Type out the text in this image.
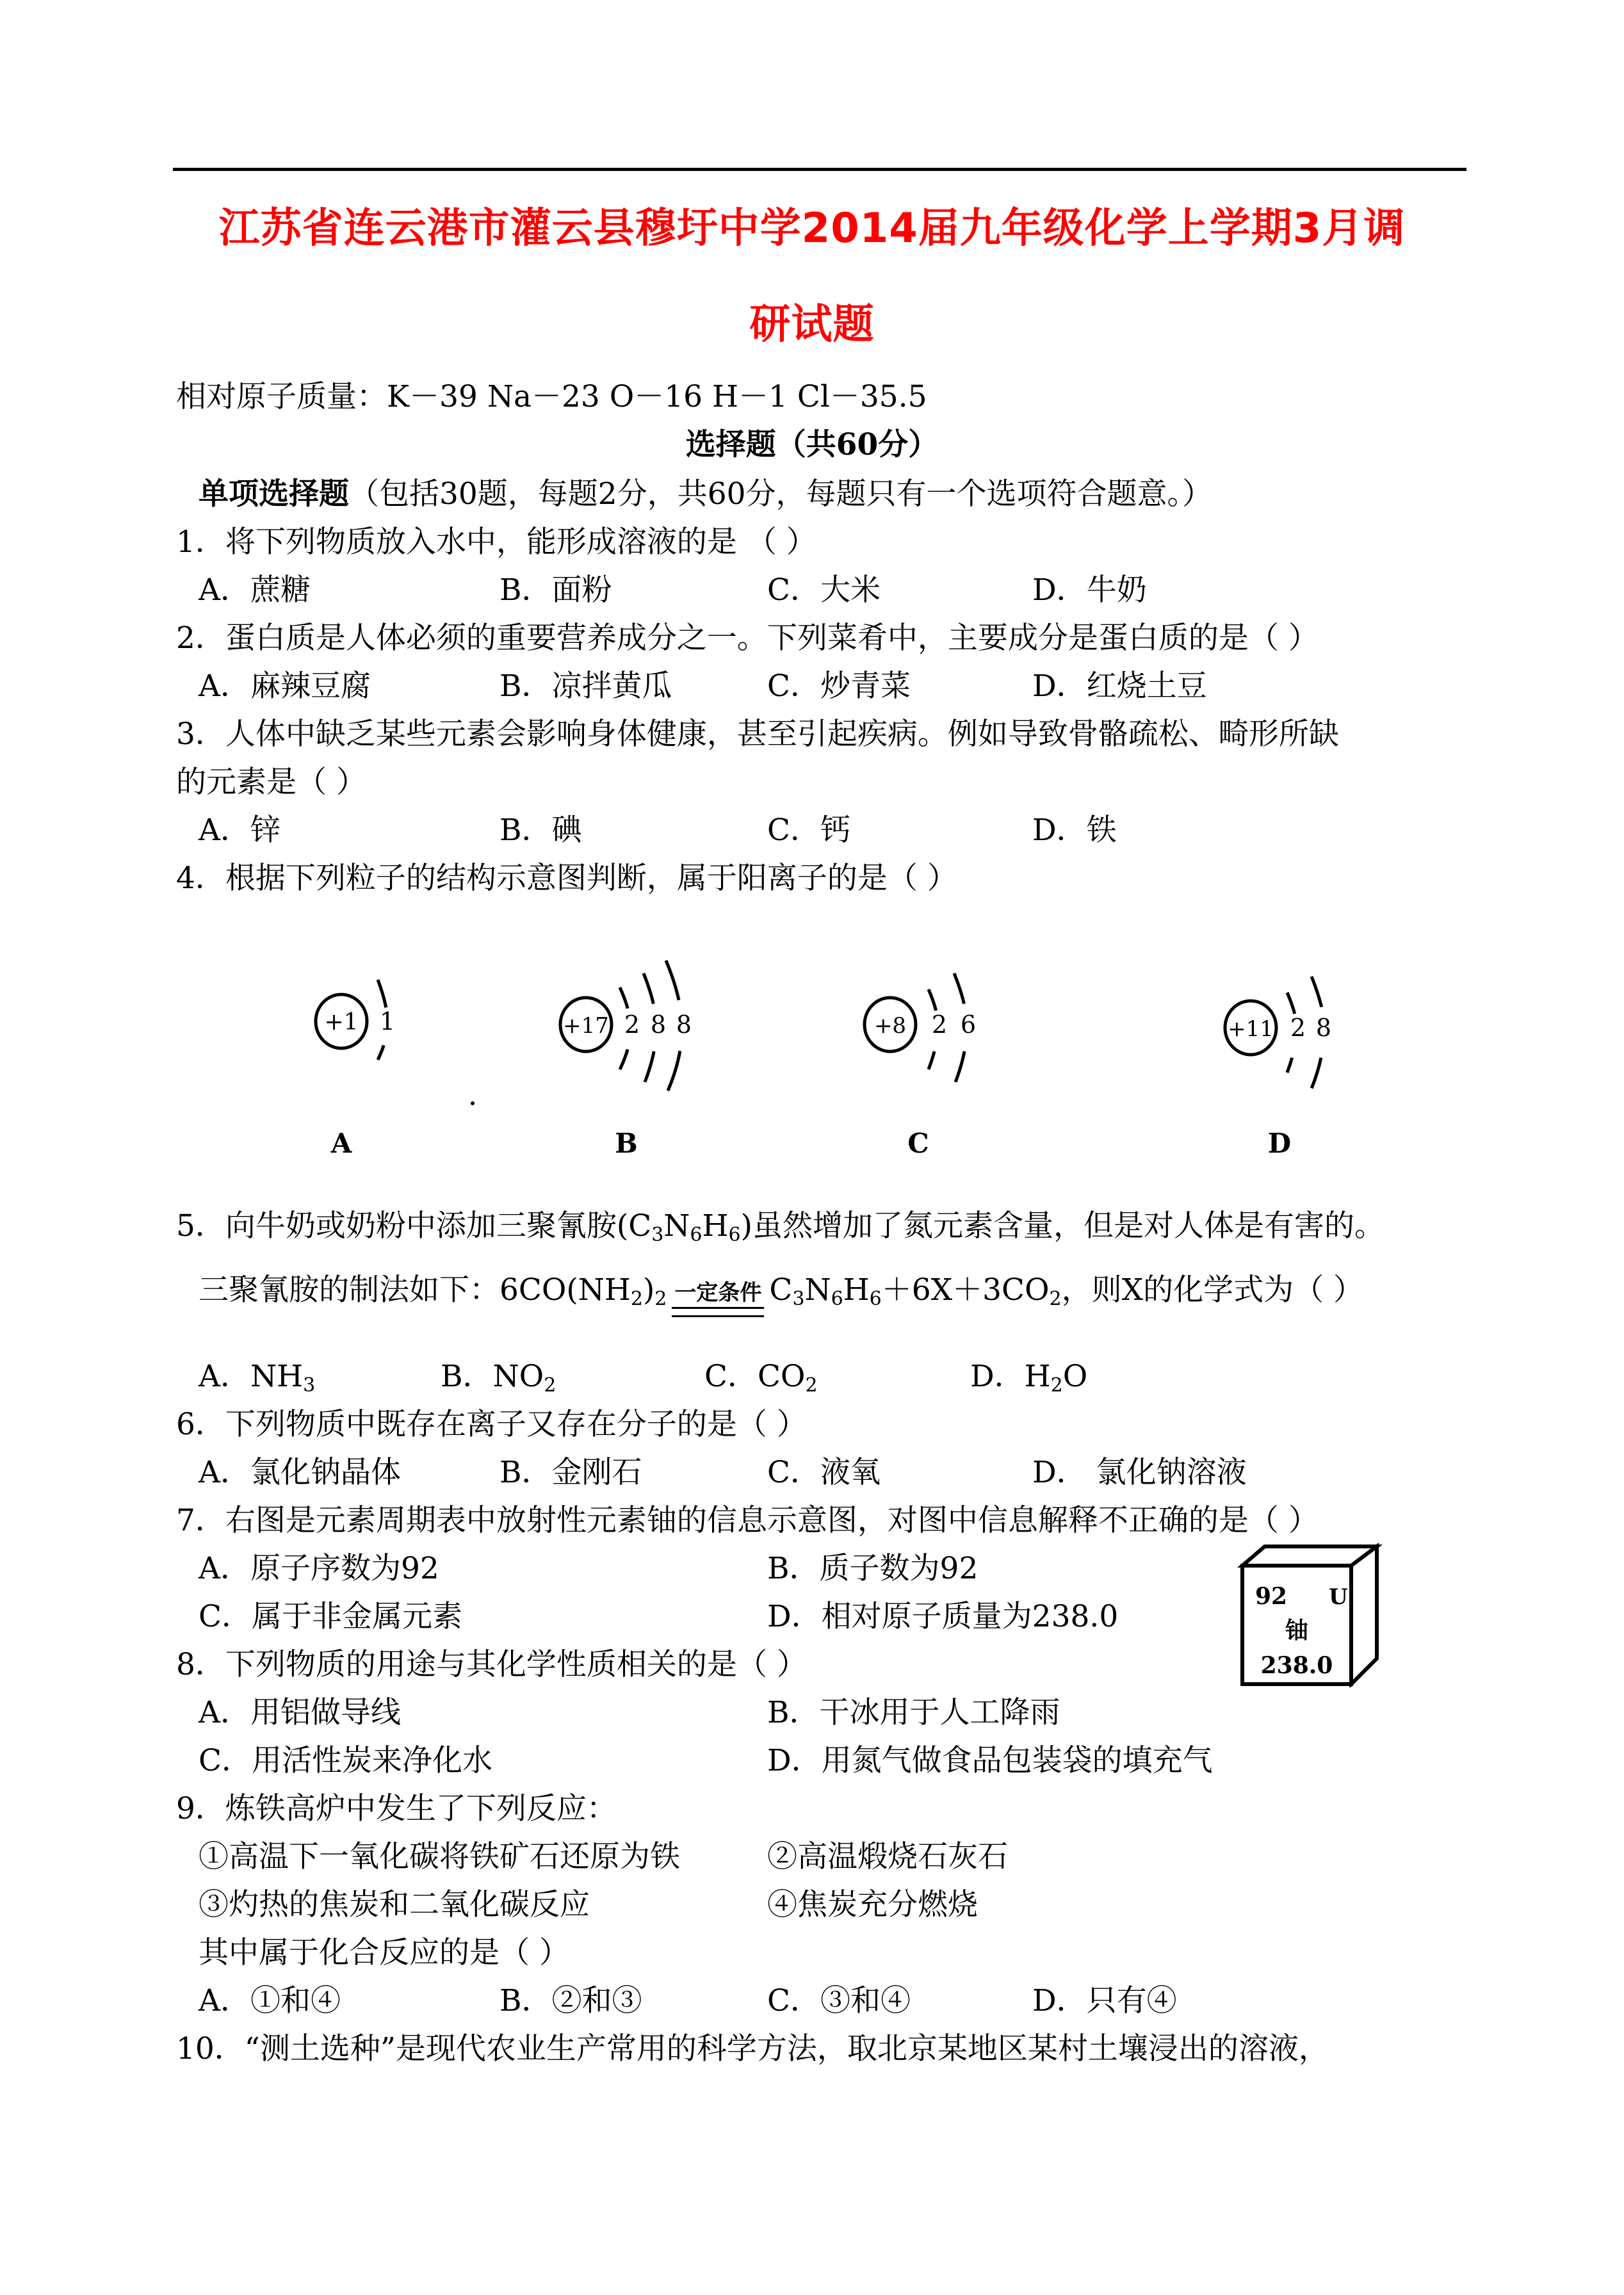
江苏省连云港市灌云县穆圩中学2014届九年级化学上学期3月调
研试题
相对原子质量：K－39 Na－23 O－16 H－1 Cl－35.5
选择题（共60分）
单项选择题（包括30题，每题2分，共60分，每题只有一个选项符合题意。）
1．将下列物质放入水中，能形成溶液的是 （ ）
A．蔗糖	B．面粉	C．大米	D．牛奶
2．蛋白质是人体必须的重要营养成分之一。下列菜肴中，主要成分是蛋白质的是（ ）
A．麻辣豆腐	B．凉拌黄瓜	C．炒青菜	D．红烧土豆
3．人体中缺乏某些元素会影响身体健康，甚至引起疾病。例如导致骨骼疏松、畸形所缺
的元素是（ ）
A．锌	B．碘	C．钙	D．铁
4．根据下列粒子的结构示意图判断，属于阳离子的是（ ）
+1 1	+17 2 8 8	+8 2 6	+11 2 8
A	B	C	D
5．向牛奶或奶粉中添加三聚氰胺$(C_3N_6H_6)$虽然增加了氮元素含量，但是对人体是有害的。
三聚氰胺的制法如下：$6CO(NH_2)_2$ 一定条件 $C_3N_6H_6+6X+3CO_2$，则X的化学式为（ ）
A．$NH_3$	B．$NO_2$	C．$CO_2$	D．$H_2O$
6．下列物质中既存在离子又存在分子的是（ ）
A．氯化钠晶体	B．金刚石	C．液氧	D． 氯化钠溶液
7．右图是元素周期表中放射性元素铀的信息示意图，对图中信息解释不正确的是（ ）
A．原子序数为92	B．质子数为92
C．属于非金属元素	D．相对原子质量为238.0
92 U
铀
238.0
8．下列物质的用途与其化学性质相关的是（ ）
A．用铝做导线	B．干冰用于人工降雨
C．用活性炭来净化水	D．用氮气做食品包装袋的填充气
9．炼铁高炉中发生了下列反应：
①高温下一氧化碳将铁矿石还原为铁	②高温煅烧石灰石
③灼热的焦炭和二氧化碳反应	④焦炭充分燃烧
其中属于化合反应的是（ ）
A．①和④	B．②和③	C．③和④	D．只有④
10．“测土选种”是现代农业生产常用的科学方法，取北京某地区某村土壤浸出的溶液，
